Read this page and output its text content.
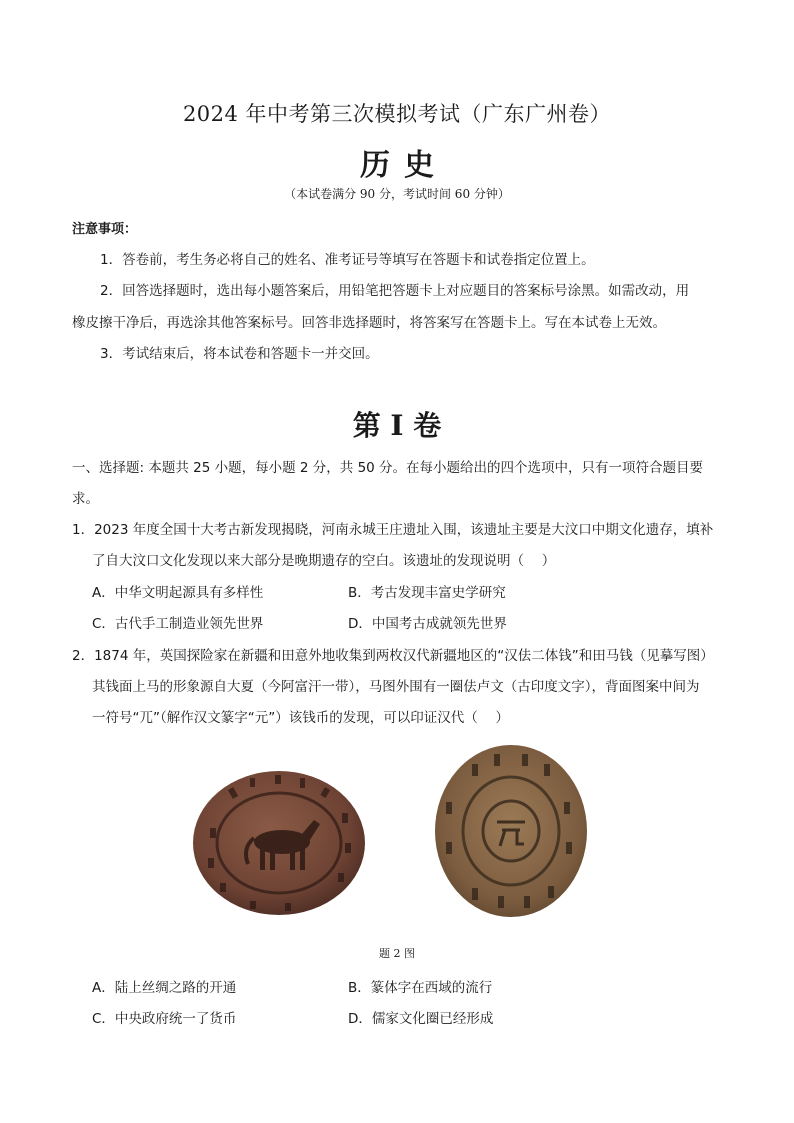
2024 年中考第三次模拟考试（广东广州卷）
历史
（本试卷满分 90 分，考试时间 60 分钟）
注意事项：
1．答卷前，考生务必将自己的姓名、准考证号等填写在答题卡和试卷指定位置上。
2．回答选择题时，选出每小题答案后，用铅笔把答题卡上对应题目的答案标号涂黑。如需改动，用
橡皮擦干净后，再选涂其他答案标号。回答非选择题时，将答案写在答题卡上。写在本试卷上无效。
3．考试结束后，将本试卷和答题卡一并交回。
第 I 卷
一、选择题: 本题共 25 小题，每小题 2 分，共 50 分。在每小题给出的四个选项中，只有一项符合题目要
求。
1．2023 年度全国十大考古新发现揭晓，河南永城王庄遗址入围，该遗址主要是大汶口中期文化遗存，填补
了自大汶口文化发现以来大部分是晚期遗存的空白。该遗址的发现说明（　 ）
A．中华文明起源具有多样性	B．考古发现丰富史学研究
C．古代手工制造业领先世界	D．中国考古成就领先世界
2．1874 年，英国探险家在新疆和田意外地收集到两枚汉代新疆地区的“汉佉二体钱”和田马钱（见摹写图）
其钱面上马的形象源自大夏（今阿富汗一带），马图外围有一圈佉卢文（古印度文字），背面图案中间为
一符号“兀”（解作汉文篆字“元”）该钱币的发现，可以印证汉代（　 ）
题 2 图
A．陆上丝绸之路的开通	B．篆体字在西域的流行
C．中央政府统一了货币	D．儒家文化圈已经形成
